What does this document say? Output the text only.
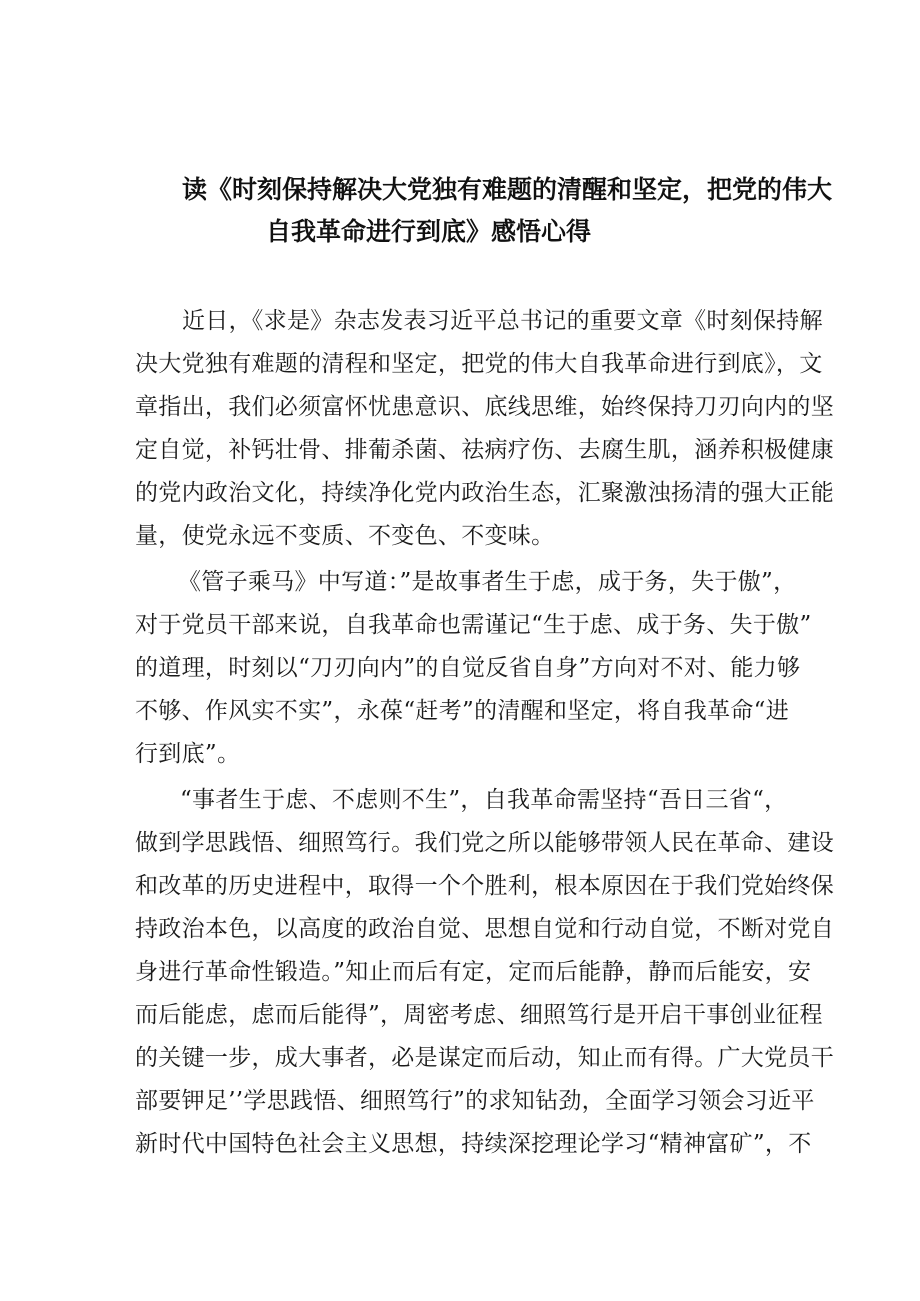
读《时刻保持解决大党独有难题的清醒和坚定，把党的伟大
自我革命进行到底》感悟心得
近日，《求是》杂志发表习近平总书记的重要文章《时刻保持解
决大党独有难题的清程和坚定，把党的伟大自我革命进行到底》，文
章指出，我们必须富怀忧患意识、底线思维，始终保持刀刃向内的坚
定自觉，补钙壮骨、排葡杀菌、祛病疗伤、去腐生肌，涵养积极健康
的党内政治文化，持续净化党内政治生态，汇聚激浊扬清的强大正能
量，使党永远不变质、不变色、不变味。
《管子乘马》中写道：”是故事者生于虑，成于务，失于傲”，
对于党员干部来说，自我革命也需谨记“生于虑、成于务、失于傲”
的道理，时刻以“刀刃向内”的自觉反省自身”方向对不对、能力够
不够、作风实不实”，永葆“赶考”的清醒和坚定，将自我革命“进
行到底”。
“事者生于虑、不虑则不生”，自我革命需坚持“吾日三省“，
做到学思践悟、细照笃行。我们党之所以能够带领人民在革命、建设
和改革的历史进程中，取得一个个胜利，根本原因在于我们党始终保
持政治本色，以高度的政治自觉、思想自觉和行动自觉，不断对党自
身进行革命性锻造。”知止而后有定，定而后能静，静而后能安，安
而后能虑，虑而后能得”，周密考虑、细照笃行是开启干事创业征程
的关键一步，成大事者，必是谋定而后动，知止而有得。广大党员干
部要钾足’’学思践悟、细照笃行”的求知钻劲，全面学习领会习近平
新时代中国特色社会主义思想，持续深挖理论学习“精神富矿”，不
